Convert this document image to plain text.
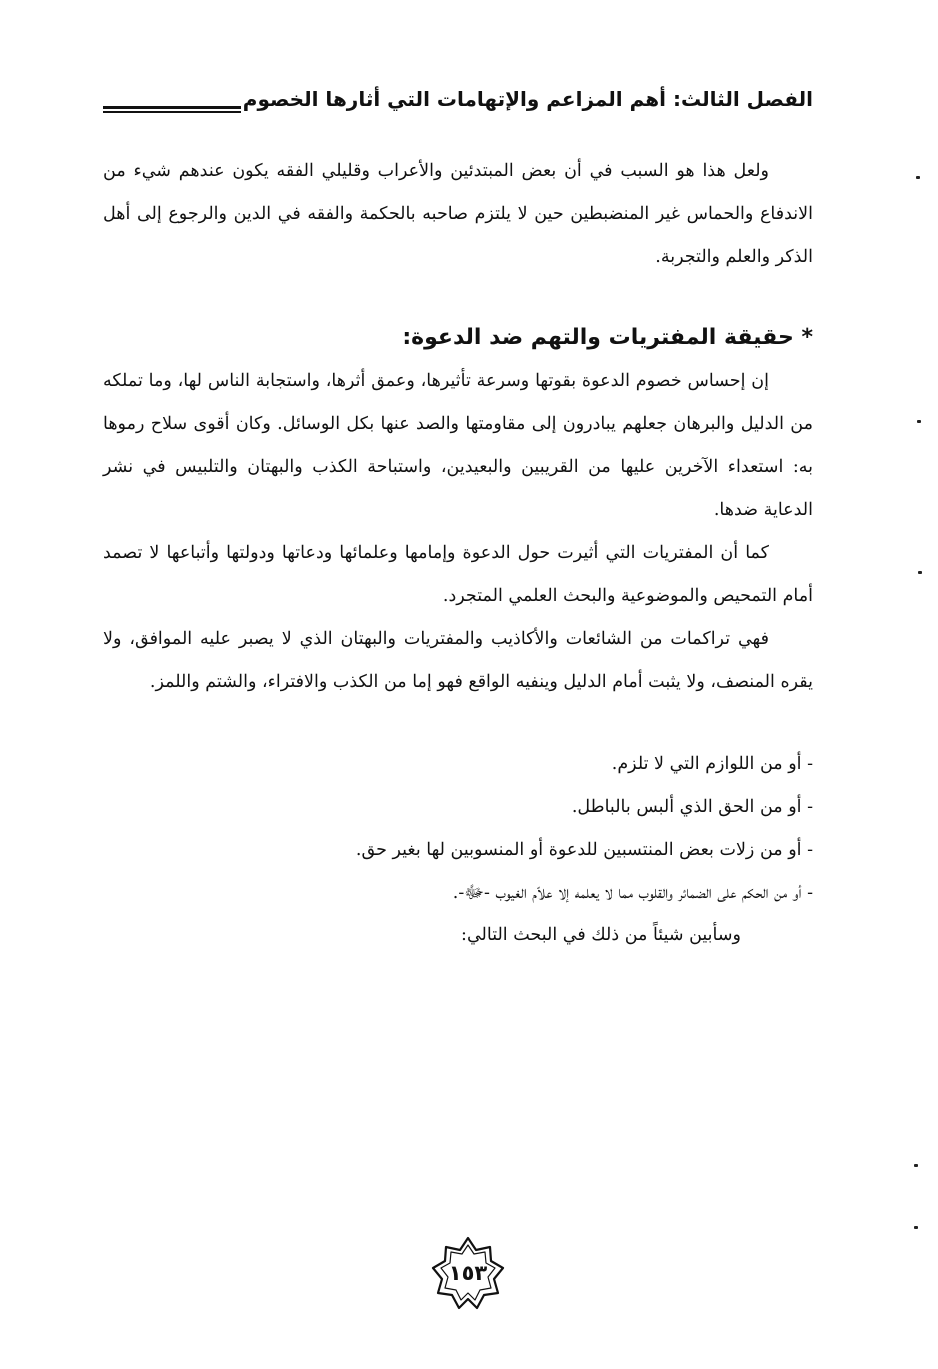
الفصل الثالث: أهم المزاعم والإتهامات التي أثارها الخصوم

ولعل هذا هو السبب في أن بعض المبتدئين والأعراب وقليلي الفقه يكون عندهم شيء من الاندفاع والحماس غير المنضبطين حين لا يلتزم صاحبه بالحكمة والفقه في الدين والرجوع إلى أهل الذكر والعلم والتجربة.

* حقيقة المفتريات والتهم ضد الدعوة:

إن إحساس خصوم الدعوة بقوتها وسرعة تأثيرها، وعمق أثرها، واستجابة الناس لها، وما تملكه من الدليل والبرهان جعلهم يبادرون إلى مقاومتها والصد عنها بكل الوسائل. وكان أقوى سلاح رموها به: استعداء الآخرين عليها من القريبين والبعيدين، واستباحة الكذب والبهتان والتلبيس في نشر الدعاية ضدها.

كما أن المفتريات التي أثيرت حول الدعوة وإمامها وعلمائها ودعاتها ودولتها وأتباعها لا تصمد أمام التمحيص والموضوعية والبحث العلمي المتجرد.

فهي تراكمات من الشائعات والأكاذيب والمفتريات والبهتان الذي لا يصبر عليه الموافق، ولا يقره المنصف، ولا يثبت أمام الدليل وينفيه الواقع فهو إما من الكذب والافتراء، والشتم واللمز.

- أو من اللوازم التي لا تلزم.
- أو من الحق الذي ألبس بالباطل.
- أو من زلات بعض المنتسبين للدعوة أو المنسوبين لها بغير حق.
- أو من الحكم على الضمائر والقلوب مما لا يعلمه إلا علاّم الغيوب -ﷻ-.
وسأبين شيئاً من ذلك في البحث التالي:
١٥٣
